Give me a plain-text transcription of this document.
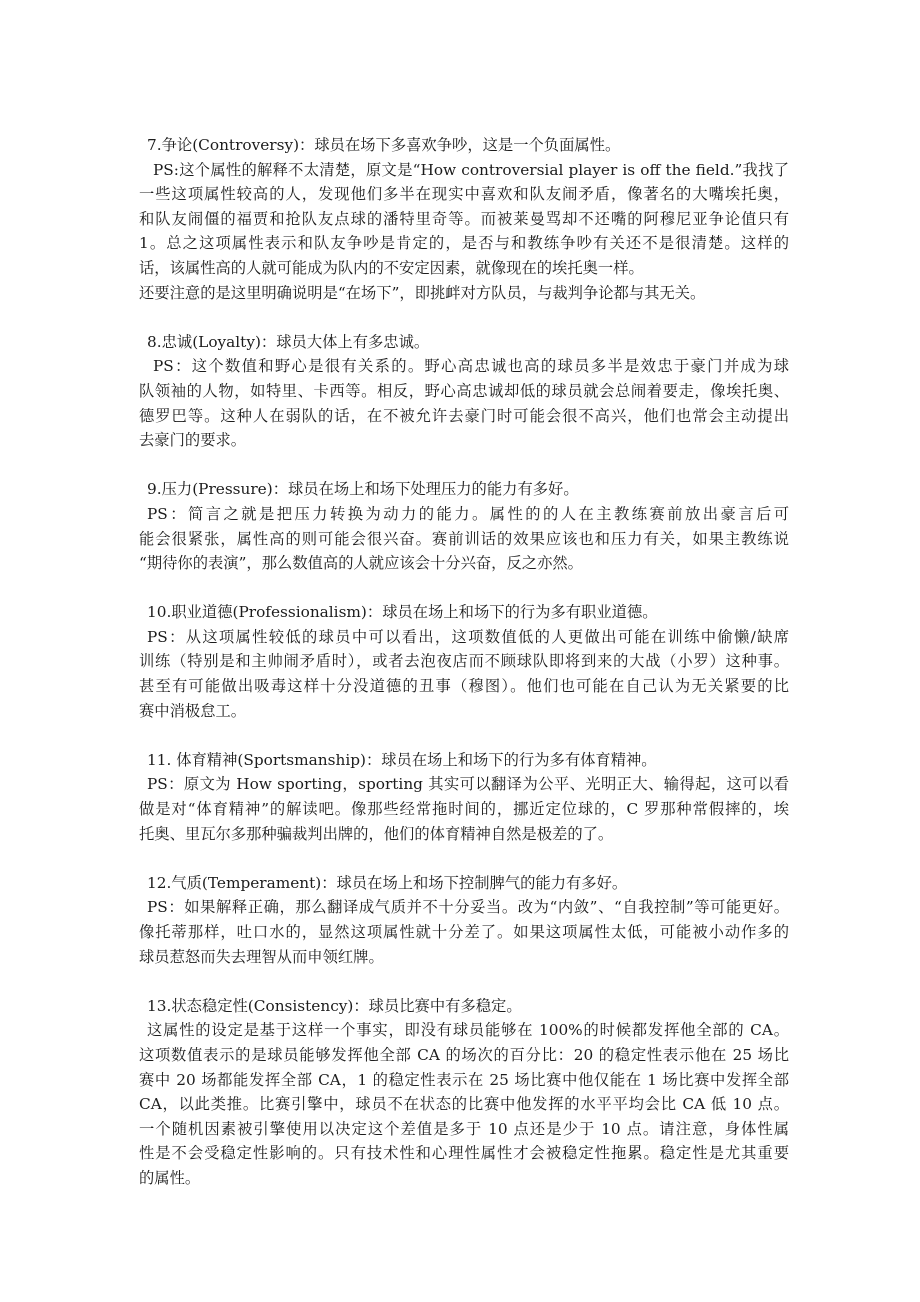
7.争论(Controversy)：球员在场下多喜欢争吵，这是一个负面属性。
PS:这个属性的解释不太清楚，原文是“How controversial player is off the field.”我找了
一些这项属性较高的人，发现他们多半在现实中喜欢和队友闹矛盾，像著名的大嘴埃托奥，
和队友闹僵的福贾和抢队友点球的潘特里奇等。而被莱曼骂却不还嘴的阿穆尼亚争论值只有
1。总之这项属性表示和队友争吵是肯定的，是否与和教练争吵有关还不是很清楚。这样的
话，该属性高的人就可能成为队内的不安定因素，就像现在的埃托奥一样。
还要注意的是这里明确说明是“在场下”，即挑衅对方队员，与裁判争论都与其无关。
8.忠诚(Loyalty)：球员大体上有多忠诚。
PS：这个数值和野心是很有关系的。野心高忠诚也高的球员多半是效忠于豪门并成为球
队领袖的人物，如特里、卡西等。相反，野心高忠诚却低的球员就会总闹着要走，像埃托奥、
德罗巴等。这种人在弱队的话，在不被允许去豪门时可能会很不高兴，他们也常会主动提出
去豪门的要求。
9.压力(Pressure)：球员在场上和场下处理压力的能力有多好。
PS：简言之就是把压力转换为动力的能力。属性的的人在主教练赛前放出豪言后可
能会很紧张，属性高的则可能会很兴奋。赛前训话的效果应该也和压力有关，如果主教练说
“期待你的表演”，那么数值高的人就应该会十分兴奋，反之亦然。
10.职业道德(Professionalism)：球员在场上和场下的行为多有职业道德。
PS：从这项属性较低的球员中可以看出，这项数值低的人更做出可能在训练中偷懒/缺席
训练（特别是和主帅闹矛盾时），或者去泡夜店而不顾球队即将到来的大战（小罗）这种事。
甚至有可能做出吸毒这样十分没道德的丑事（穆图）。他们也可能在自己认为无关紧要的比
赛中消极怠工。
11. 体育精神(Sportsmanship)：球员在场上和场下的行为多有体育精神。
PS：原文为 How sporting，sporting 其实可以翻译为公平、光明正大、输得起，这可以看
做是对“体育精神”的解读吧。像那些经常拖时间的，挪近定位球的，C 罗那种常假摔的，埃
托奥、里瓦尔多那种骗裁判出牌的，他们的体育精神自然是极差的了。
12.气质(Temperament)：球员在场上和场下控制脾气的能力有多好。
PS：如果解释正确，那么翻译成气质并不十分妥当。改为“内敛”、“自我控制”等可能更好。
像托蒂那样，吐口水的，显然这项属性就十分差了。如果这项属性太低，可能被小动作多的
球员惹怒而失去理智从而申领红牌。
13.状态稳定性(Consistency)：球员比赛中有多稳定。
这属性的设定是基于这样一个事实，即没有球员能够在 100%的时候都发挥他全部的 CA。
这项数值表示的是球员能够发挥他全部 CA 的场次的百分比：20 的稳定性表示他在 25 场比
赛中 20 场都能发挥全部 CA，1 的稳定性表示在 25 场比赛中他仅能在 1 场比赛中发挥全部
CA，以此类推。比赛引擎中，球员不在状态的比赛中他发挥的水平平均会比 CA 低 10 点。
一个随机因素被引擎使用以决定这个差值是多于 10 点还是少于 10 点。请注意，身体性属
性是不会受稳定性影响的。只有技术性和心理性属性才会被稳定性拖累。稳定性是尤其重要
的属性。
